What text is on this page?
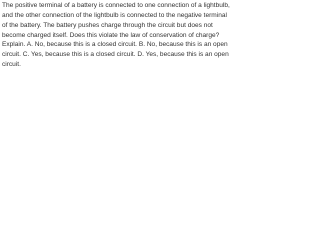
The positive terminal of a battery is connected to one connection of a lightbulb, and the other connection of the lightbulb is connected to the negative terminal of the battery. The battery pushes charge through the circuit but does not become charged itself. Does this violate the law of conservation of charge? Explain. A. No, because this is a closed circuit. B. No, because this is an open circuit. C. Yes, because this is a closed circuit. D. Yes, because this is an open circuit.
